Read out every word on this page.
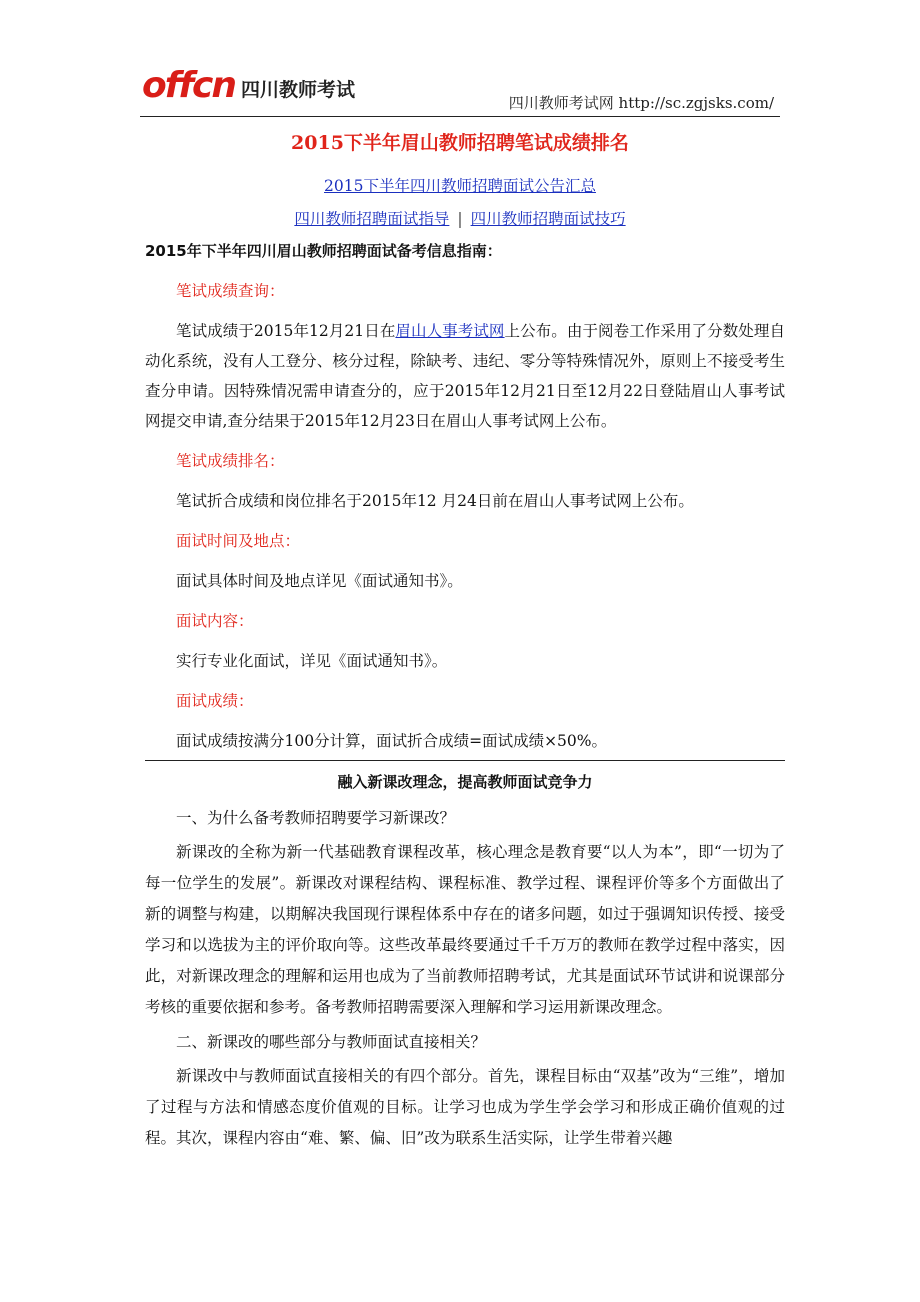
offcn 四川教师考试
四川教师考试网 http://sc.zgjsks.com/
2015下半年眉山教师招聘笔试成绩排名
2015下半年四川教师招聘面试公告汇总
四川教师招聘面试指导 | 四川教师招聘面试技巧

2015年下半年四川眉山教师招聘面试备考信息指南：

笔试成绩查询：

笔试成绩于2015年12月21日在眉山人事考试网上公布。由于阅卷工作采用了分数处理自动化系统，没有人工登分、核分过程，除缺考、违纪、零分等特殊情况外，原则上不接受考生查分申请。因特殊情况需申请查分的，应于2015年12月21日至12月22日登陆眉山人事考试网提交申请,查分结果于2015年12月23日在眉山人事考试网上公布。

笔试成绩排名：

笔试折合成绩和岗位排名于2015年12 月24日前在眉山人事考试网上公布。

面试时间及地点：

面试具体时间及地点详见《面试通知书》。

面试内容：

实行专业化面试，详见《面试通知书》。

面试成绩：

面试成绩按满分100分计算，面试折合成绩=面试成绩×50%。

融入新课改理念，提高教师面试竞争力

一、为什么备考教师招聘要学习新课改？

新课改的全称为新一代基础教育课程改革，核心理念是教育要“以人为本”，即“一切为了每一位学生的发展”。新课改对课程结构、课程标准、教学过程、课程评价等多个方面做出了新的调整与构建，以期解决我国现行课程体系中存在的诸多问题，如过于强调知识传授、接受学习和以选拔为主的评价取向等。这些改革最终要通过千千万万的教师在教学过程中落实，因此，对新课改理念的理解和运用也成为了当前教师招聘考试，尤其是面试环节试讲和说课部分考核的重要依据和参考。备考教师招聘需要深入理解和学习运用新课改理念。

二、新课改的哪些部分与教师面试直接相关？

新课改中与教师面试直接相关的有四个部分。首先，课程目标由“双基”改为“三维”，增加了过程与方法和情感态度价值观的目标。让学习也成为学生学会学习和形成正确价值观的过程。其次，课程内容由“难、繁、偏、旧”改为联系生活实际，让学生带着兴趣
